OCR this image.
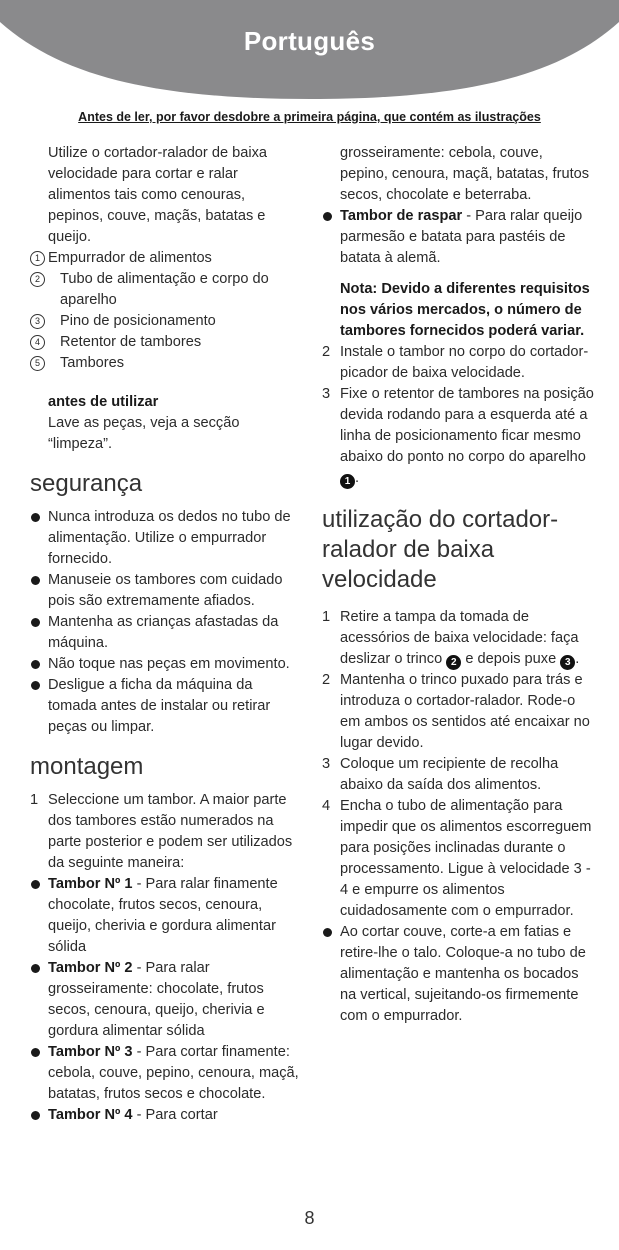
Português
Antes de ler, por favor desdobre a primeira página, que contém as ilustrações

Utilize o cortador-ralador de baixa velocidade para cortar e ralar alimentos tais como cenouras, pepinos, couve, maçãs, batatas e queijo.

1 Empurrador de alimentos
2	Tubo de alimentação e corpo do aparelho
3	Pino de posicionamento
4	Retentor de tambores
5	Tambores

antes de utilizar

Lave as peças, veja a secção “limpeza”.

segurança

Nunca introduza os dedos no tubo de alimentação. Utilize o empurrador fornecido.
Manuseie os tambores com cuidado pois são extremamente afiados.
Mantenha as crianças afastadas da máquina.
Não toque nas peças em movimento.
Desligue a ficha da máquina da tomada antes de instalar ou retirar peças ou limpar.

montagem

1 Seleccione um tambor. A maior parte dos tambores estão numerados na parte posterior e podem ser utilizados da seguinte maneira:
Tambor Nº 1 - Para ralar finamente chocolate, frutos secos, cenoura, queijo, cherivia e gordura alimentar sólida
Tambor Nº 2 - Para ralar grosseiramente: chocolate, frutos secos, cenoura, queijo, cherivia e gordura alimentar sólida
Tambor Nº 3 - Para cortar finamente: cebola, couve, pepino, cenoura, maçã, batatas, frutos secos e chocolate.
Tambor Nº 4 - Para cortar

grosseiramente: cebola, couve, pepino, cenoura, maçã, batatas, frutos secos, chocolate e beterraba.

Tambor de raspar - Para ralar queijo parmesão e batata para pastéis de batata à alemã.

Nota: Devido a diferentes requisitos nos vários mercados, o número de tambores fornecidos poderá variar.

2 Instale o tambor no corpo do cortador-picador de baixa velocidade.
3 Fixe o retentor de tambores na posição devida rodando para a esquerda até a linha de posicionamento ficar mesmo abaixo do ponto no corpo do aparelho 1 .

utilização do cortador-
ralador de baixa
velocidade

1 Retire a tampa da tomada de acessórios de baixa velocidade: faça deslizar o trinco 2 e depois puxe 3 .
2 Mantenha o trinco puxado para trás e introduza o cortador-ralador. Rode-o em ambos os sentidos até encaixar no lugar devido.
3 Coloque um recipiente de recolha abaixo da saída dos alimentos.
4 Encha o tubo de alimentação para impedir que os alimentos escorreguem para posições inclinadas durante o processamento. Ligue à velocidade 3 - 4 e empurre os alimentos cuidadosamente com o empurrador.
Ao cortar couve, corte-a em fatias e retire-lhe o talo. Coloque-a no tubo de alimentação e mantenha os bocados na vertical, sujeitando-os firmemente com o empurrador.
8
